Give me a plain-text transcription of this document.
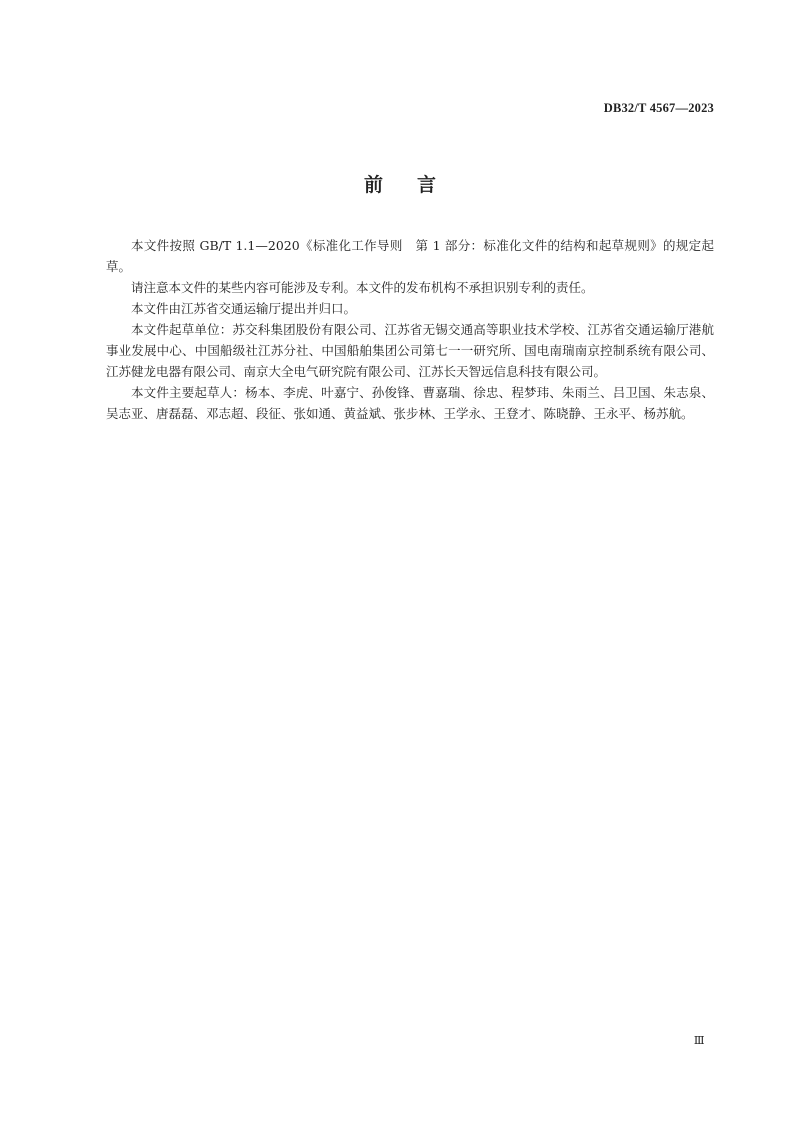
DB32/T 4567—2023
前言

本文件按照 GB/T 1.1—2020《标准化工作导则　第 1 部分：标准化文件的结构和起草规则》的规定起草。

请注意本文件的某些内容可能涉及专利。本文件的发布机构不承担识别专利的责任。

本文件由江苏省交通运输厅提出并归口。

本文件起草单位：苏交科集团股份有限公司、江苏省无锡交通高等职业技术学校、江苏省交通运输厅港航事业发展中心、中国船级社江苏分社、中国船舶集团公司第七一一研究所、国电南瑞南京控制系统有限公司、江苏健龙电器有限公司、南京大全电气研究院有限公司、江苏长天智远信息科技有限公司。

本文件主要起草人：杨本、李虎、叶嘉宁、孙俊锋、曹嘉瑞、徐忠、程梦玮、朱雨兰、吕卫国、朱志泉、吴志亚、唐磊磊、邓志超、段征、张如通、黄益斌、张步林、王学永、王登才、陈晓静、王永平、杨苏航。

Ⅲ
